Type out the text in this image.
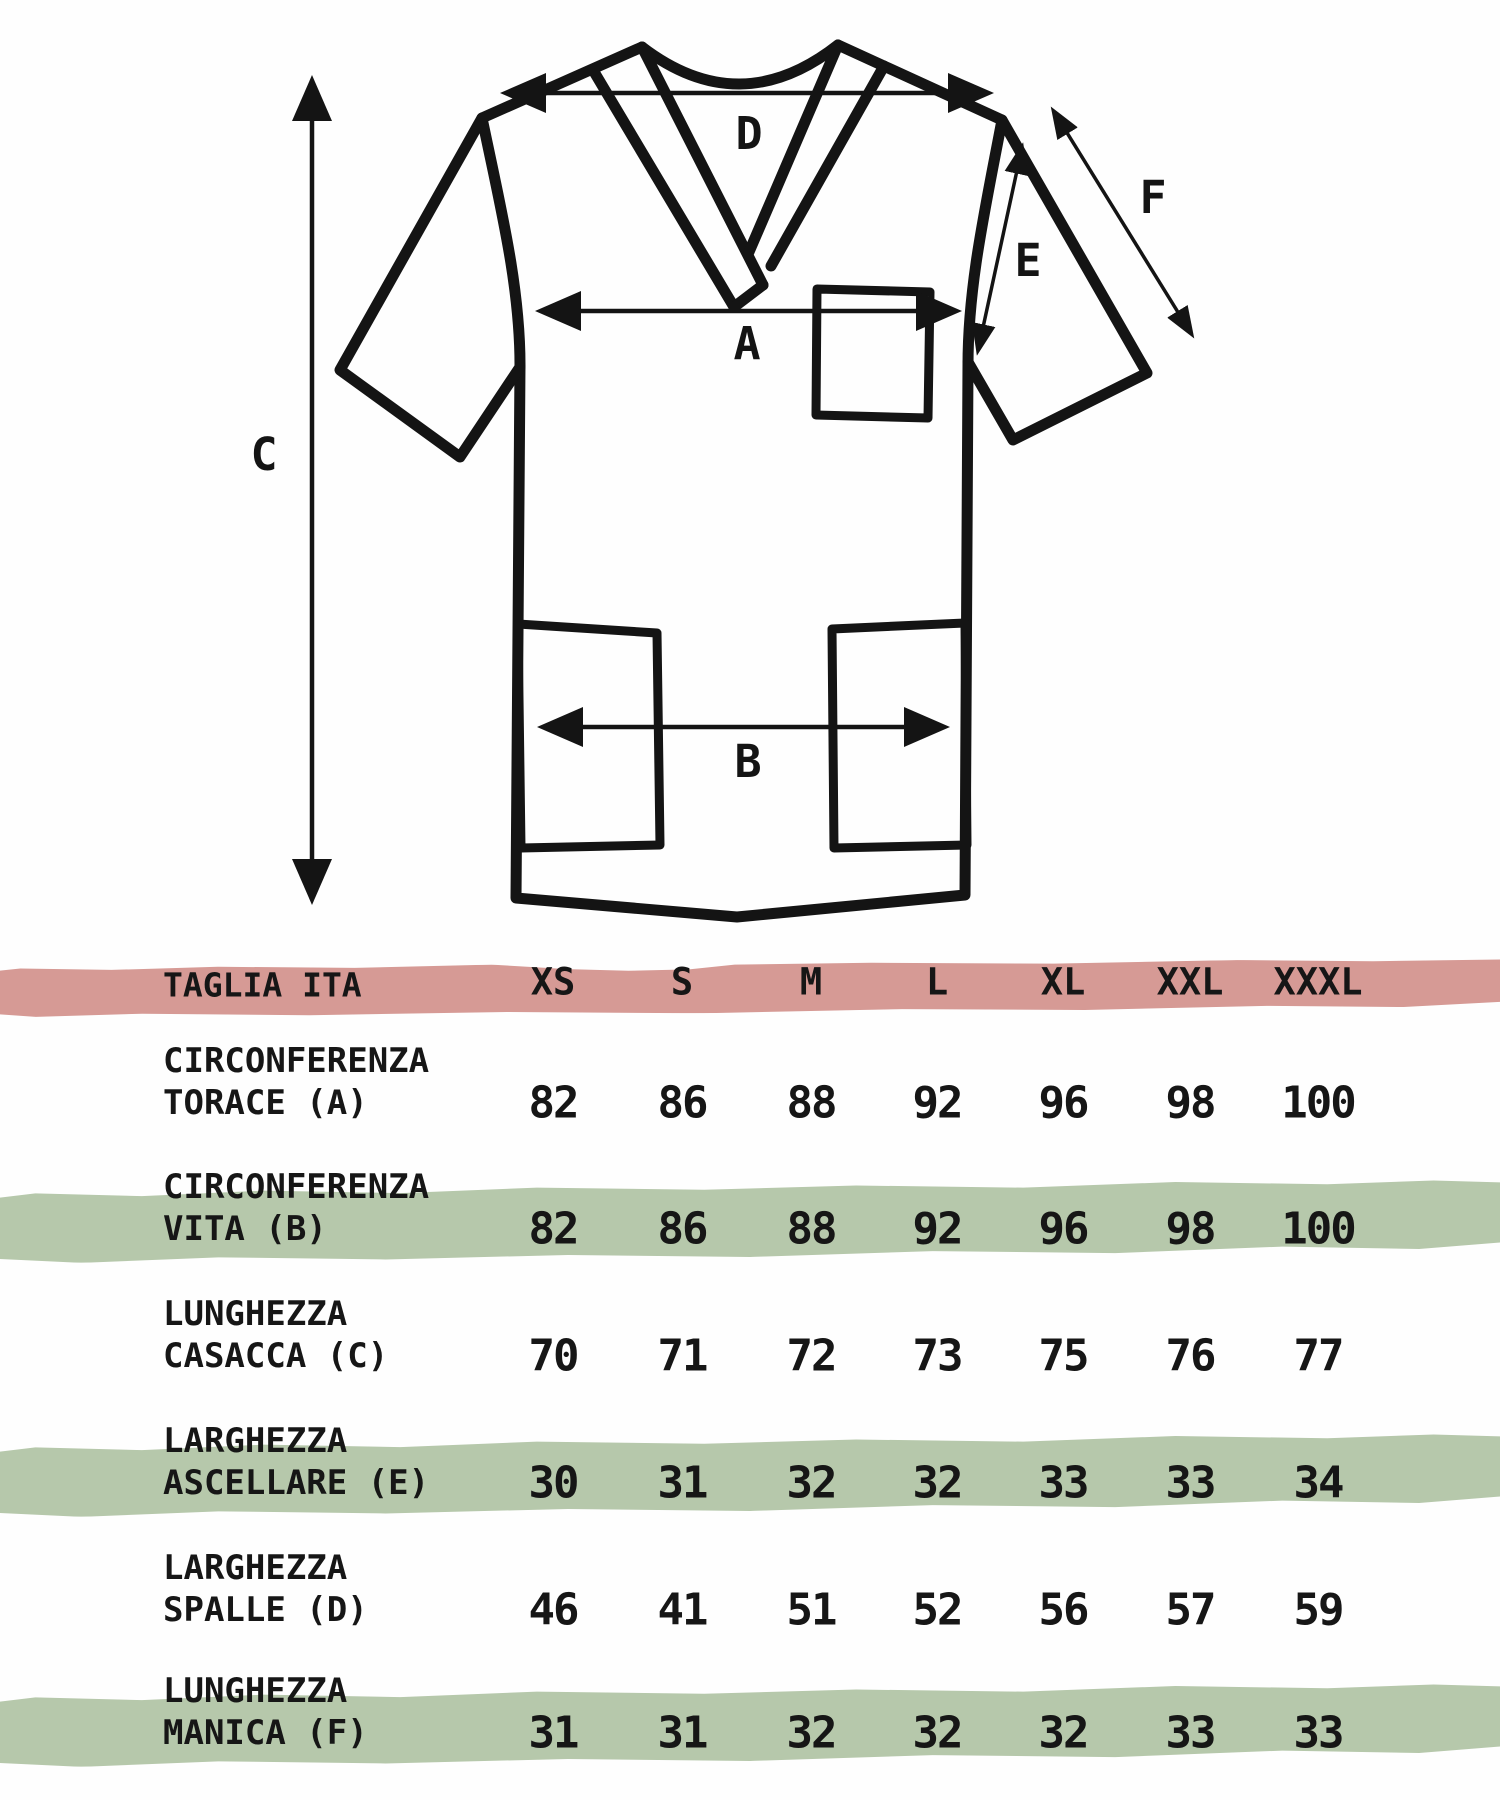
D
A
B
C
E
F
TAGLIA ITA	XS	S	M	L	XL XXL XXXL
CIRCONFERENZA
TORACE (A)	82 86 88 92 96 98 100
CIRCONFERENZA
VITA (B)	82 86 88 92 96 98 100
LUNGHEZZA
CASACCA (C)	70 71 72 73 75 76 77
LARGHEZZA
ASCELLARE (E) 30 31 32 32 33 33 34
LARGHEZZA
SPALLE (D)	46 41 51 52 56 57 59
LUNGHEZZA
MANICA (F)	31 31 32 32 32 33 33
